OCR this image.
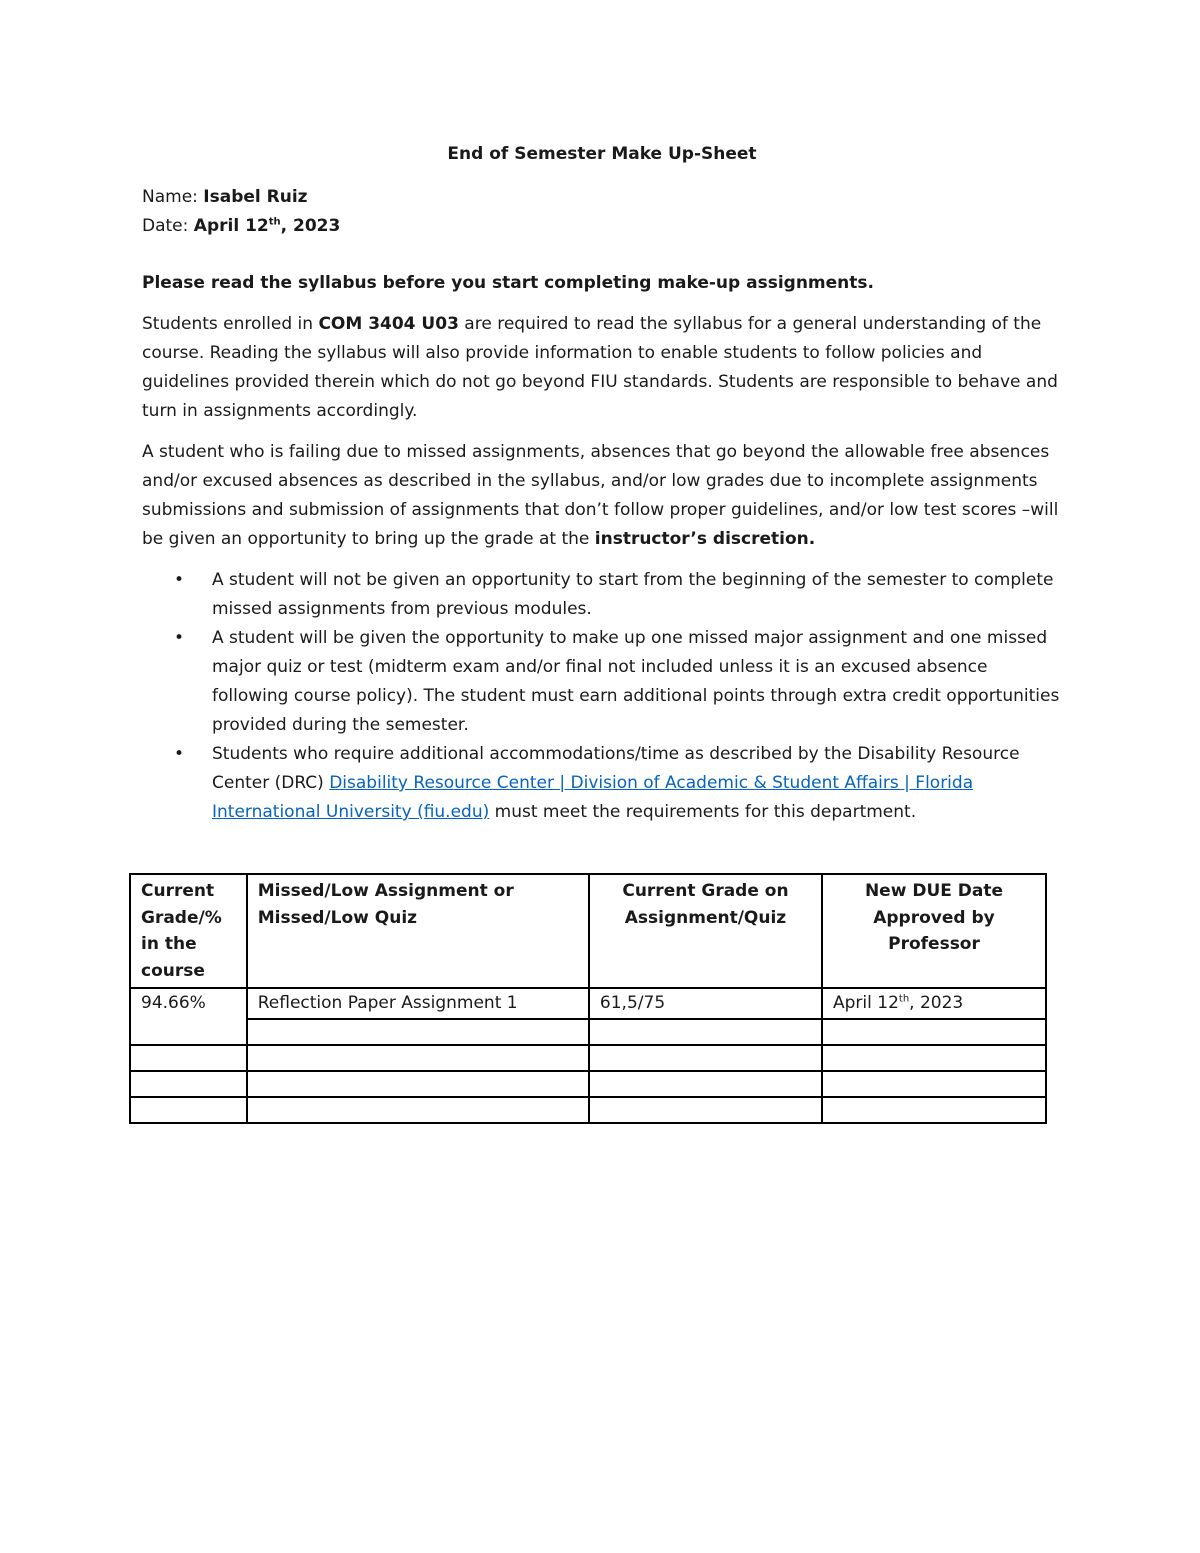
End of Semester Make Up-Sheet
Name: Isabel Ruiz
Date: April 12th, 2023
Please read the syllabus before you start completing make-up assignments.

Students enrolled in COM 3404 U03 are required to read the syllabus for a general understanding of the course. Reading the syllabus will also provide information to enable students to follow policies and guidelines provided therein which do not go beyond FIU standards. Students are responsible to behave and turn in assignments accordingly.

A student who is failing due to missed assignments, absences that go beyond the allowable free absences and/or excused absences as described in the syllabus, and/or low grades due to incomplete assignments submissions and submission of assignments that don’t follow proper guidelines, and/or low test scores –will be given an opportunity to bring up the grade at the instructor’s discretion.

• A student will not be given an opportunity to start from the beginning of the semester to complete missed assignments from previous modules.
• A student will be given the opportunity to make up one missed major assignment and one missed major quiz or test (midterm exam and/or final not included unless it is an excused absence following course policy). The student must earn additional points through extra credit opportunities provided during the semester.
• Students who require additional accommodations/time as described by the Disability Resource Center (DRC) Disability Resource Center | Division of Academic & Student Affairs | Florida International University (fiu.edu) must meet the requirements for this department.
Current Grade/% in the course	Missed/Low Assignment or Missed/Low Quiz	Current Grade on Assignment/Quiz	New DUE Date Approved by Professor
94.66%	Reflection Paper Assignment 1	61,5/75	April 12th, 2023
